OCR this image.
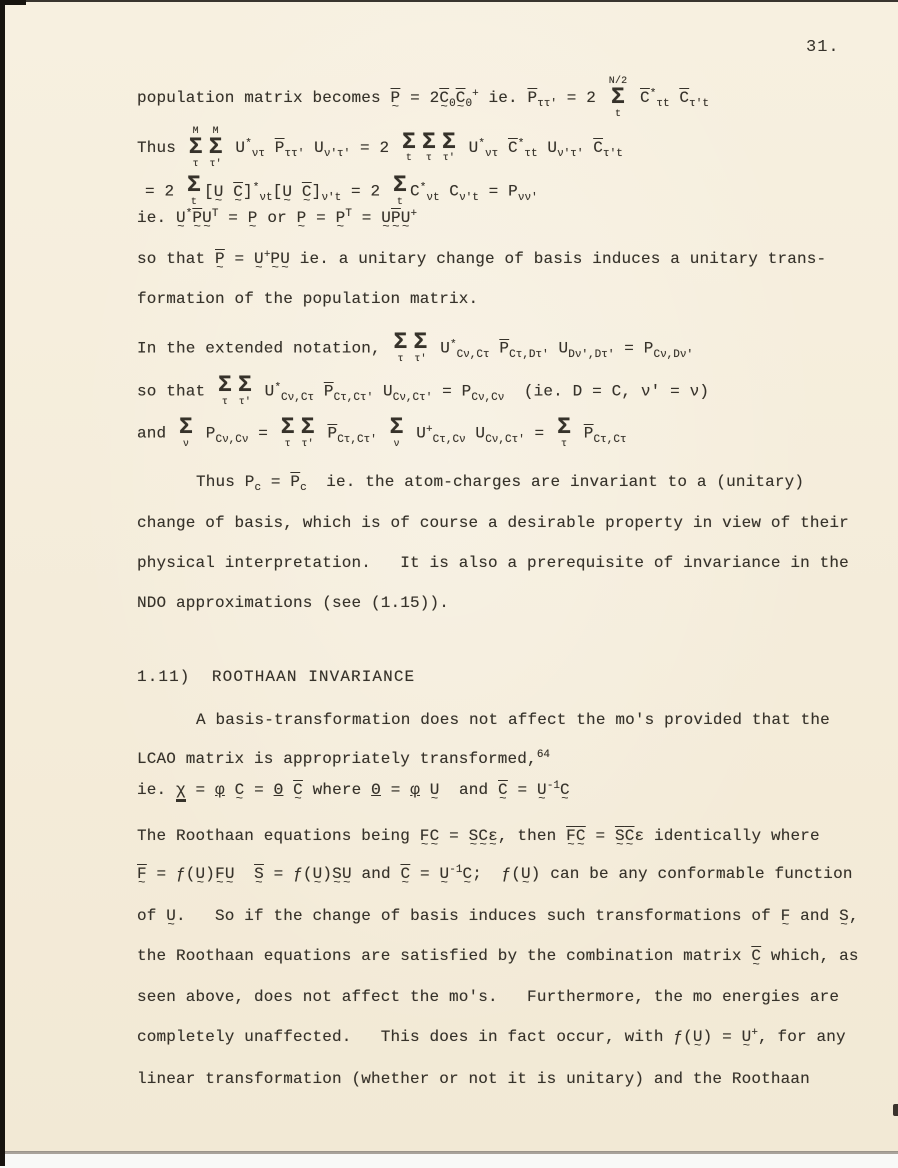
31.
population matrix becomes $\overline{P}$ ~ = $2\overline{C}$ $\sim_0\overline{C}$ $\sim_0^+$ ie. $\overline{P}_{\tau\tau'} = 2$
N/2
Σ
t
$\overline{C}^*_{\tau t}$ $\overline{C}_{\tau't}$
Thus
M
Σ
τ
M
Σ
τ'
$U^*_{\nu\tau}$ $\overline{P}_{\tau\tau'}$ $U_{\nu'\tau'} = 2$ Σ
t
Σ
τ
Σ
τ'
$U^*_{\nu\tau}$ $\overline{C}^*_{\tau t}$ $U_{\nu'\tau'}$ $\overline{C}_{\tau't}$
= 2 Σ
t
[U ~ $\overline{C}$ $\sim]^*_{\nu t}[U$ ~ $\overline{C}$ $\sim]_{\nu't} = 2$ Σ
t
$C^*_{\nu t}$ $C_{\nu't} = P_{\nu\nu'}$
ie. U $\sim^*\overline{P}$ ~U ~$^T$ = P ~ or P ~ = P ~$^T$ = U $\sim\overline{P}$ ~U ~+
so that $\overline{P}$ ~ = U ~+P ~U ~ ie. a unitary change of basis induces a unitary trans-
formation of the population matrix.
In the extended notation, Σ
τ
Σ
τ'
$U^*_{C\nu,C\tau}$ $\overline{P}_{C\tau,D\tau'}$ $U_{D\nu',D\tau'} = P_{C\nu,D\nu'}$
so that Σ
τ
Σ
τ'
$U^*_{C\nu,C\tau}$ $\overline{P}_{C\tau,C\tau'}$ $U_{C\nu,C\tau'} = P_{C\nu,C\nu}$  (ie. D = C, ν' = ν)
and Σ
ν
$P_{C\nu,C\nu} = \Sigma$
τ
Σ
τ'
$\overline{P}_{C\tau,C\tau'}$ Σ
ν
$U^+_{C\tau,C\nu}$ $U_{C\nu,C\tau'} = \Sigma$
τ
$\overline{P}_{C\tau,C\tau}$
Thus $P_c = \overline{P}_c$  ie. the atom-charges are invariant to a (unitary)
change of basis, which is of course a desirable property in view of their
physical interpretation.   It is also a prerequisite of invariance in the
NDO approximations (see (1.15)).
1.11)  ROOTHAAN INVARIANCE
A basis-transformation does not affect the mo's provided that the
LCAO matrix is appropriately transformed,$^{64}$
ie. χ = φ C ~ = Θ $\overline{C}$ ~ where Θ = φ U ~  and $\overline{C}$ ~ = U ~$^{-1}$C ~
The Roothaan equations being F ~C ~ = S ~C ~ε ~, then $\overline{F}$ $\sim\overline{C}$ ~ = $\overline{S}$ $\sim\overline{C}$ ~ε identically where
$\overline{F}$ ~ = ƒ(U ~)F ~U ~ $\overline{S}$ ~ = ƒ(U ~)S ~U ~ and $\overline{C}$ ~ = U ~$^{-1}$C ~;  ƒ(U ~) can be any conformable function
of U ~.   So if the change of basis induces such transformations of F ~ and S ~,
the Roothaan equations are satisfied by the combination matrix $\overline{C}$ ~ which, as
seen above, does not affect the mo's.   Furthermore, the mo energies are
completely unaffected.   This does in fact occur, with ƒ(U ~) = U ~+, for any
linear transformation (whether or not it is unitary) and the Roothaan
